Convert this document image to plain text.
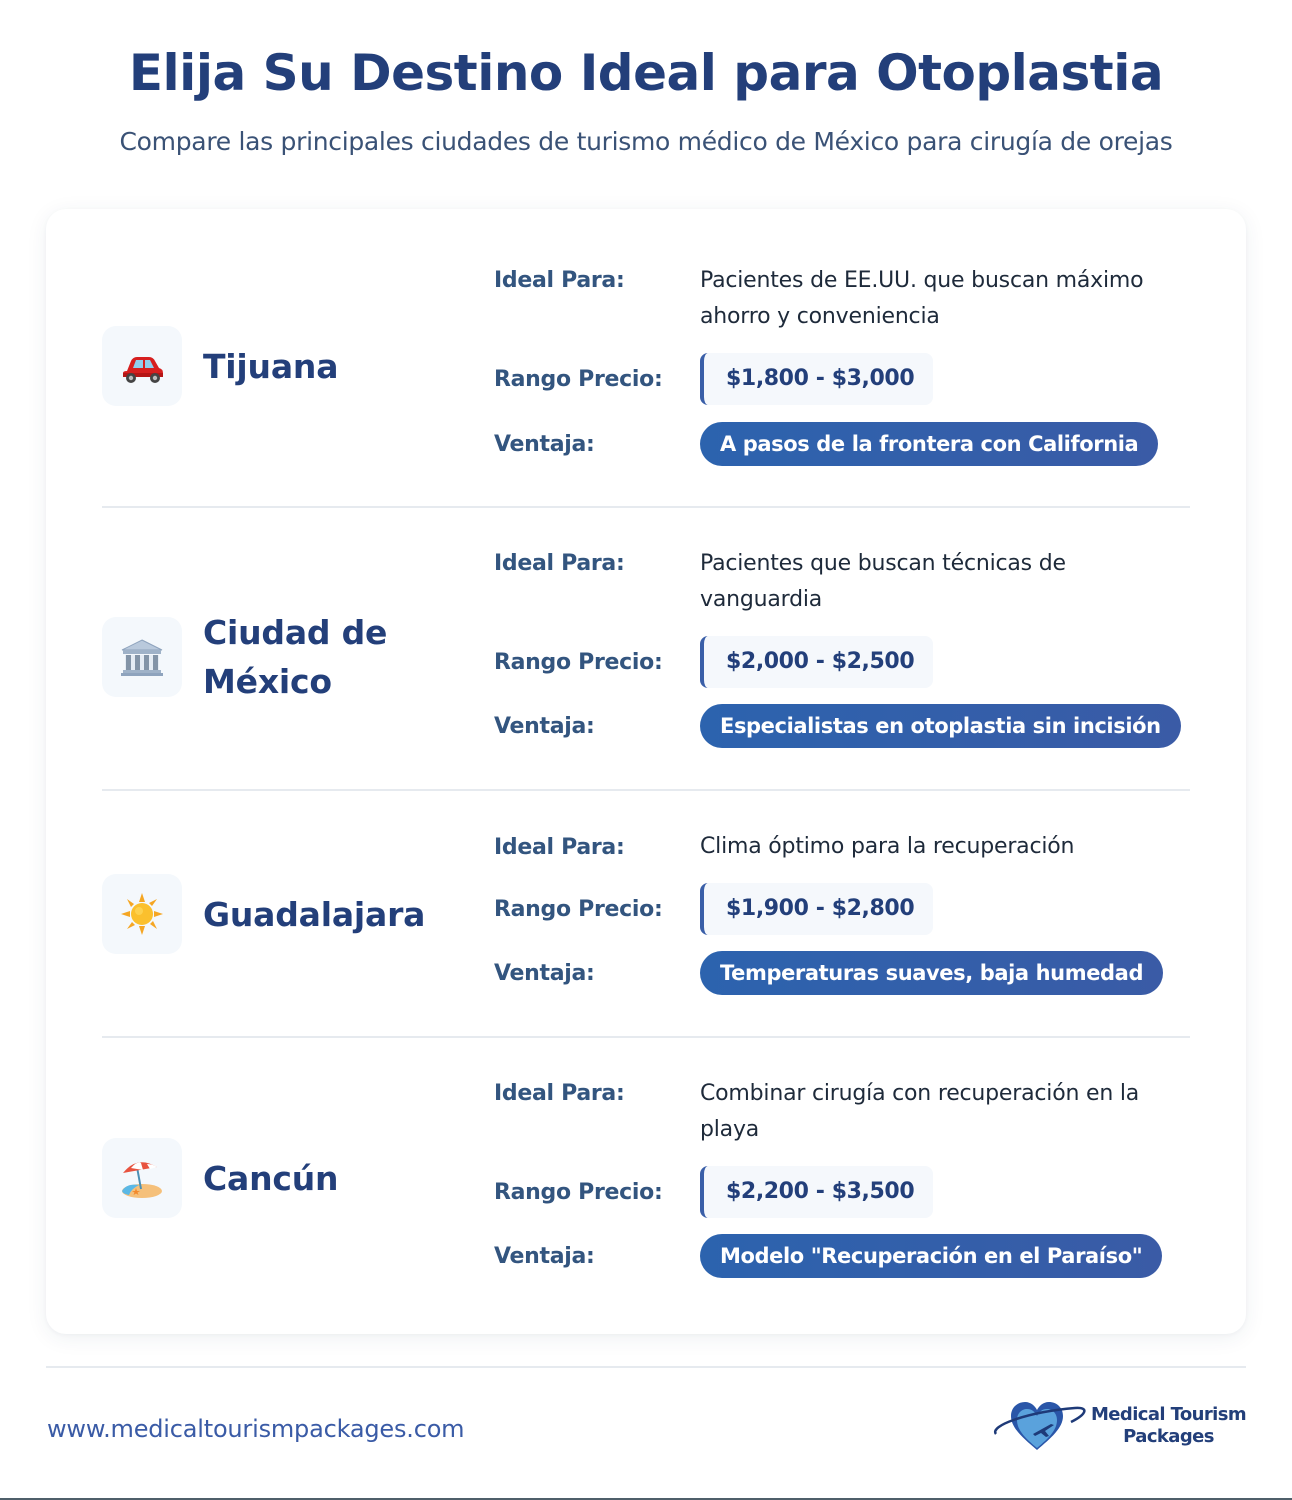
Elija Su Destino Ideal para Otoplastia

Compare las principales ciudades de turismo médico de México para cirugía de orejas

Tijuana
Ideal Para:	Pacientes de EE.UU. que buscan máximo ahorro y conveniencia
Rango Precio:	$1,800 - $3,000
Ventaja:	A pasos de la frontera con California
Ciudad de México
Ideal Para:	Pacientes que buscan técnicas de vanguardia
Rango Precio:	$2,000 - $2,500
Ventaja:	Especialistas en otoplastia sin incisión
Guadalajara
Ideal Para:	Clima óptimo para la recuperación
Rango Precio:	$1,900 - $2,800
Ventaja:	Temperaturas suaves, baja humedad
Cancún
Ideal Para:	Combinar cirugía con recuperación en la playa
Rango Precio:	$2,200 - $3,500
Ventaja:	Modelo "Recuperación en el Paraíso"
www.medicaltourismpackages.com
Medical Tourism
Packages
